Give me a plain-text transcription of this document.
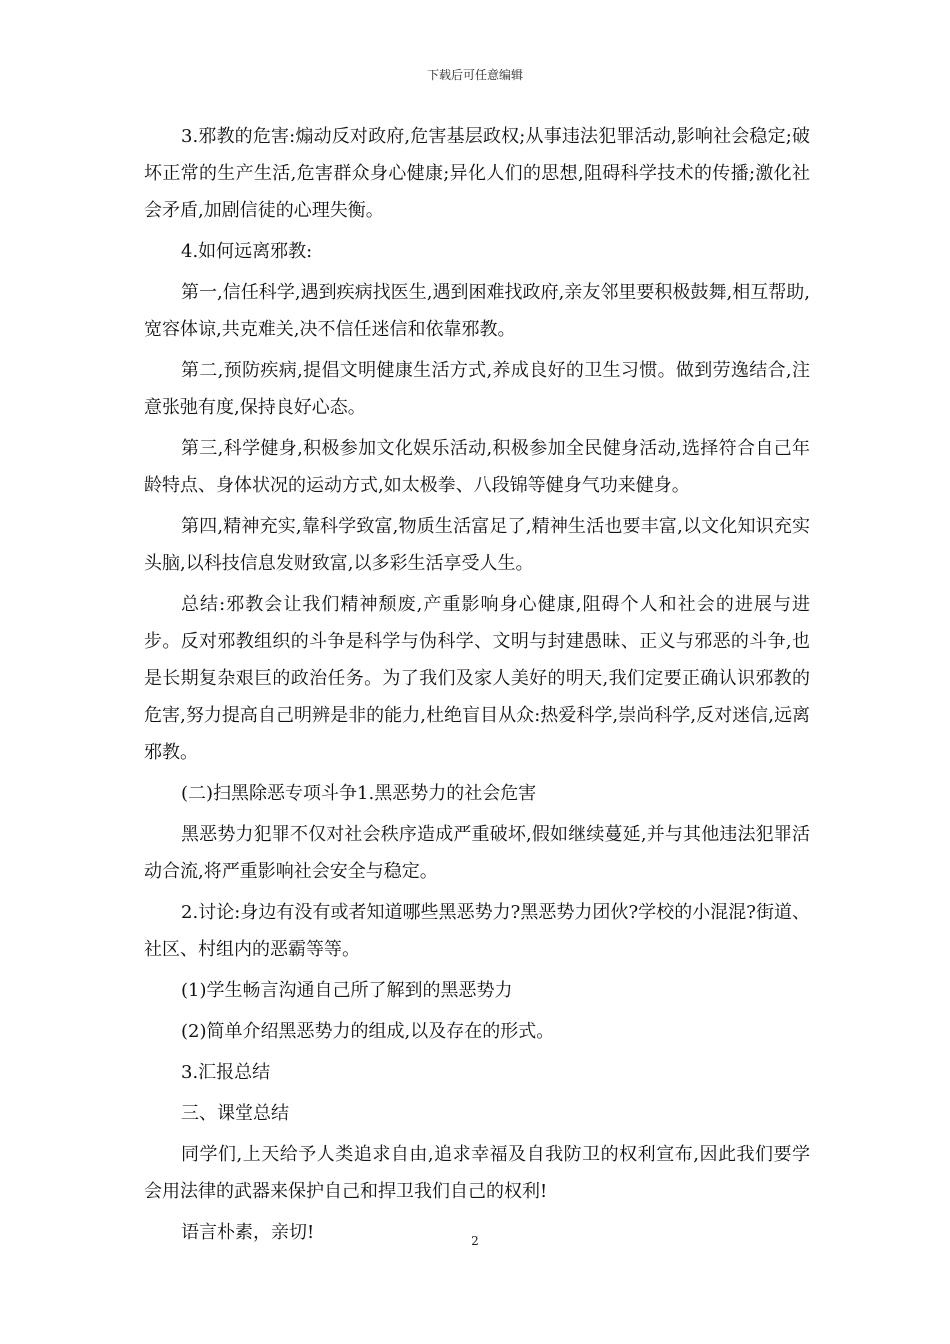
下载后可任意编辑

3.邪教的危害:煽动反对政府,危害基层政权;从事违法犯罪活动,影响社会稳定;破坏正常的生产生活,危害群众身心健康;异化人们的思想,阻碍科学技术的传播;激化社会矛盾,加剧信徒的心理失衡。

4.如何远离邪教:

第一,信任科学,遇到疾病找医生,遇到困难找政府,亲友邻里要积极鼓舞,相互帮助,宽容体谅,共克难关,决不信任迷信和依靠邪教。

第二,预防疾病,提倡文明健康生活方式,养成良好的卫生习惯。做到劳逸结合,注意张弛有度,保持良好心态。

第三,科学健身,积极参加文化娱乐活动,积极参加全民健身活动,选择符合自己年龄特点、身体状况的运动方式,如太极拳、八段锦等健身气功来健身。

第四,精神充实,靠科学致富,物质生活富足了,精神生活也要丰富,以文化知识充实头脑,以科技信息发财致富,以多彩生活享受人生。

总结:邪教会让我们精神颓废,产重影响身心健康,阻碍个人和社会的进展与进步。反对邪教组织的斗争是科学与伪科学、文明与封建愚昧、正义与邪恶的斗争,也是长期复杂艰巨的政治任务。为了我们及家人美好的明天,我们定要正确认识邪教的危害,努力提高自己明辨是非的能力,杜绝盲目从众:热爱科学,崇尚科学,反对迷信,远离邪教。

(二)扫黑除恶专项斗争1.黑恶势力的社会危害

黑恶势力犯罪不仅对社会秩序造成严重破坏,假如继续蔓延,并与其他违法犯罪活动合流,将严重影响社会安全与稳定。

2.讨论:身边有没有或者知道哪些黑恶势力?黑恶势力团伙?学校的小混混?街道、社区、村组内的恶霸等等。

(1)学生畅言沟通自己所了解到的黑恶势力

(2)简单介绍黑恶势力的组成,以及存在的形式。

3.汇报总结

三、课堂总结

同学们,上天给予人类追求自由,追求幸福及自我防卫的权利宣布,因此我们要学会用法律的武器来保护自己和捍卫我们自己的权利!

语言朴素，亲切!	2
